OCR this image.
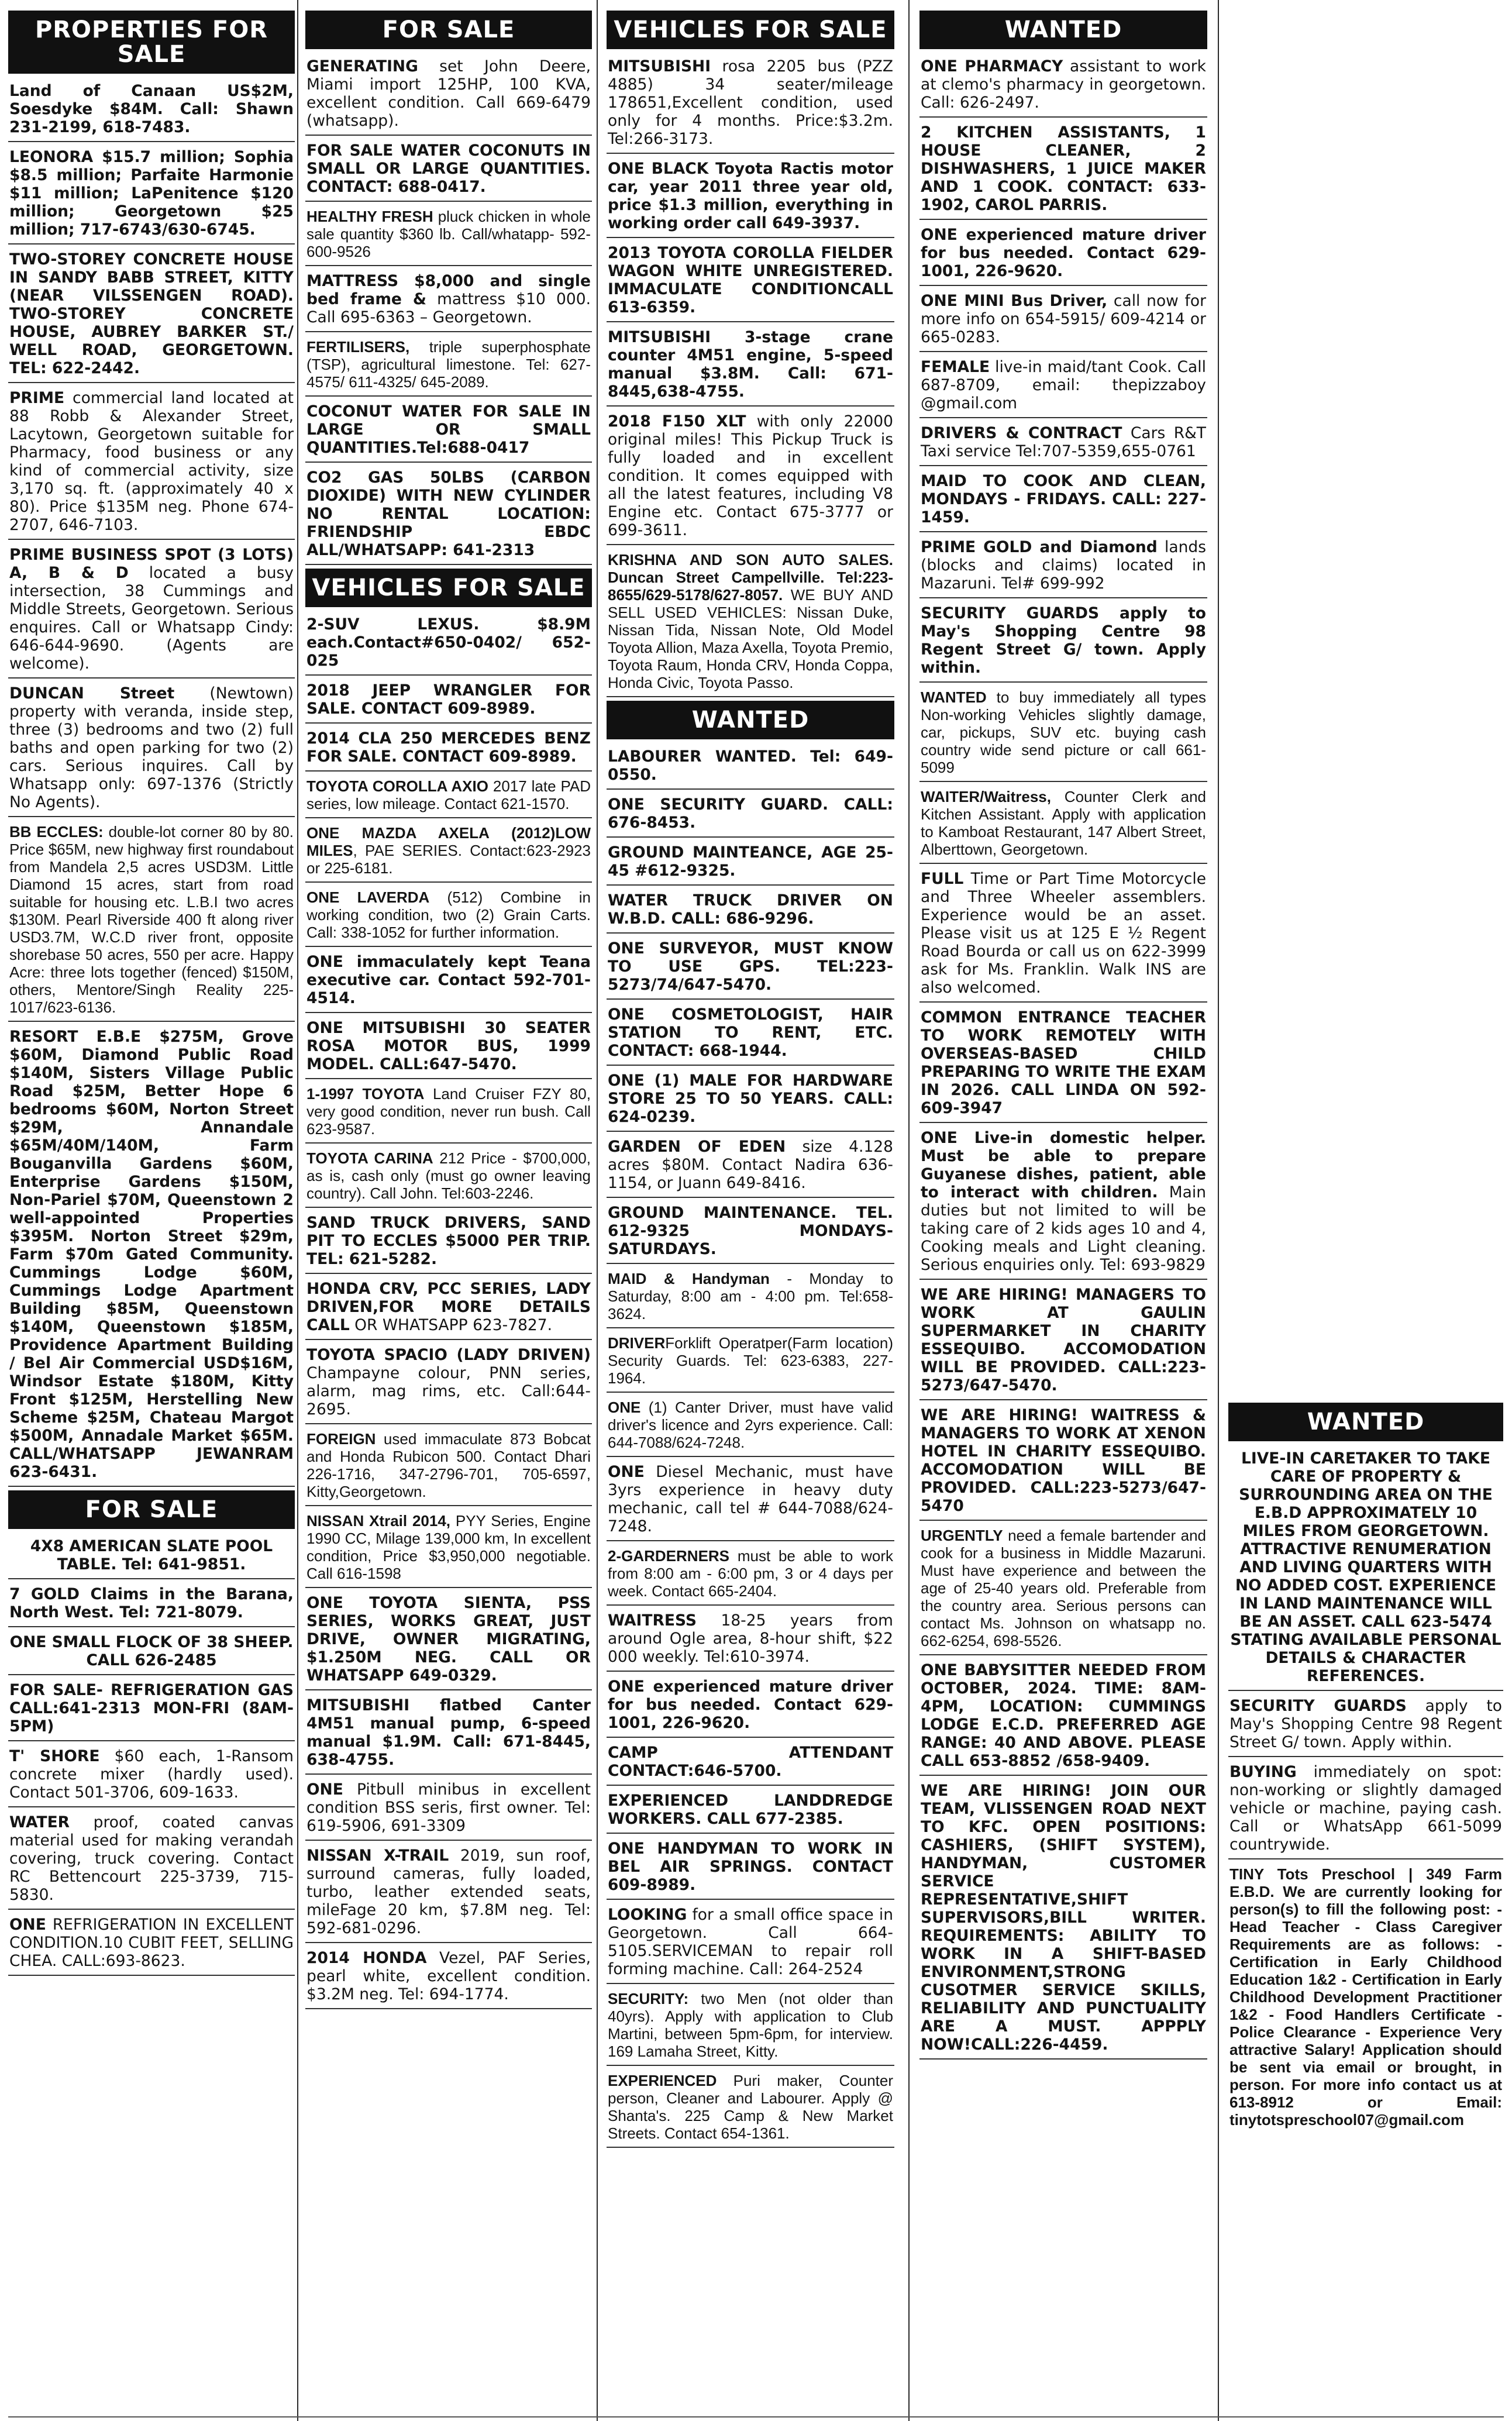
PROPERTIES FOR SALE
Land of Canaan US$2M, Soesdyke $84M. Call: Shawn 231-2199, 618-7483.
LEONORA $15.7 million; Sophia $8.5 million; Parfaite Harmonie $11 million; LaPenitence $120 million; Georgetown $25 million; 717-6743/630-6745.
TWO-STOREY CONCRETE HOUSE IN SANDY BABB STREET, KITTY (NEAR VILSSENGEN ROAD). TWO-STOREY CONCRETE HOUSE, AUBREY BARKER ST./ WELL ROAD, GEORGETOWN. TEL: 622-2442.
PRIME commercial land located at 88 Robb & Alexander Street, Lacytown, Georgetown suitable for Pharmacy, food business or any kind of commercial activity, size 3,170 sq. ft. (approximately 40 x 80). Price $135M neg. Phone 674-2707, 646-7103.
PRIME BUSINESS SPOT (3 LOTS) A, B & D located a busy intersection, 38 Cummings and Middle Streets, Georgetown. Serious enquires. Call or Whatsapp Cindy: 646-644-9690. (Agents are welcome).
DUNCAN Street (Newtown) property with veranda, inside step, three (3) bedrooms and two (2) full baths and open parking for two (2) cars. Serious inquires. Call by Whatsapp only: 697-1376 (Strictly No Agents).
BB ECCLES: double-lot corner 80 by 80. Price $65M, new highway first roundabout from Mandela 2,5 acres USD3M. Little Diamond 15 acres, start from road suitable for housing etc. L.B.I two acres $130M. Pearl Riverside 400 ft along river USD3.7M, W.C.D river front, opposite shorebase 50 acres, 550 per acre. Happy Acre: three lots together (fenced) $150M, others, Mentore/Singh Reality 225-1017/623-6136.
RESORT E.B.E $275M, Grove $60M, Diamond Public Road $140M, Sisters Village Public Road $25M, Better Hope 6 bedrooms $60M, Norton Street $29M, Annandale $65M/40M/140M, Farm Bouganvilla Gardens $60M, Enterprise Gardens $150M, Non-Pariel $70M, Queenstown 2 well-appointed Properties $395M. Norton Street $29m, Farm $70m Gated Community. Cummings Lodge $60M, Cummings Lodge Apartment Building $85M, Queenstown $140M, Queenstown $185M, Providence Apartment Building / Bel Air Commercial USD$16M, Windsor Estate $180M, Kitty Front $125M, Herstelling New Scheme $25M, Chateau Margot $500M, Annadale Market $65M. CALL/WHATSAPP JEWANRAM 623-6431.
FOR SALE
4X8 AMERICAN SLATE POOL TABLE. Tel: 641-9851.
7 GOLD Claims in the Barana, North West. Tel: 721-8079.
ONE SMALL FLOCK OF 38 SHEEP. CALL 626-2485
FOR SALE- REFRIGERATION GAS CALL:641-2313 MON-FRI (8AM-5PM)
T' SHORE $60 each, 1-Ransom concrete mixer (hardly used). Contact 501-3706, 609-1633.
WATER proof, coated canvas material used for making verandah covering, truck covering. Contact RC Bettencourt 225-3739, 715-5830.
ONE REFRIGERATION IN EXCELLENT CONDITION.10 CUBIT FEET, SELLING CHEA. CALL:693-8623.
FOR SALE
GENERATING set John Deere, Miami import 125HP, 100 KVA, excellent condition. Call 669-6479 (whatsapp).
FOR SALE WATER COCONUTS IN SMALL OR LARGE QUANTITIES. CONTACT: 688-0417.
HEALTHY FRESH pluck chicken in whole sale quantity $360 lb. Call/whatapp- 592-600-9526
MATTRESS $8,000 and single bed frame & mattress $10 000. Call 695-6363 – Georgetown.
FERTILISERS, triple superphosphate (TSP), agricultural limestone. Tel: 627-4575/ 611-4325/ 645-2089.
COCONUT WATER FOR SALE IN LARGE OR SMALL QUANTITIES.Tel:688-0417
CO2 GAS 50LBS (CARBON DIOXIDE) WITH NEW CYLINDER NO RENTAL LOCATION: FRIENDSHIP EBDC ALL/WHATSAPP: 641-2313
VEHICLES FOR SALE
2-SUV LEXUS. $8.9M each.Contact#650-0402/ 652-025
2018 JEEP WRANGLER FOR SALE. CONTACT 609-8989.
2014 CLA 250 MERCEDES BENZ FOR SALE. CONTACT 609-8989.
TOYOTA COROLLA AXIO 2017 late PAD series, low mileage. Contact 621-1570.
ONE MAZDA AXELA (2012)LOW MILES, PAE SERIES. Contact:623-2923 or 225-6181.
ONE LAVERDA (512) Combine in working condition, two (2) Grain Carts. Call: 338-1052 for further information.
ONE immaculately kept Teana executive car. Contact 592-701-4514.
ONE MITSUBISHI 30 SEATER ROSA MOTOR BUS, 1999 MODEL. CALL:647-5470.
1-1997 TOYOTA Land Cruiser FZY 80, very good condition, never run bush. Call 623-9587.
TOYOTA CARINA 212 Price - $700,000, as is, cash only (must go owner leaving country). Call John. Tel:603-2246.
SAND TRUCK DRIVERS, SAND PIT TO ECCLES $5000 PER TRIP. TEL: 621-5282.
HONDA CRV, PCC SERIES, LADY DRIVEN,FOR MORE DETAILS CALL OR WHATSAPP 623-7827.
TOYOTA SPACIO (LADY DRIVEN) Champayne colour, PNN series, alarm, mag rims, etc. Call:644-2695.
FOREIGN used immaculate 873 Bobcat and Honda Rubicon 500. Contact Dhari 226-1716, 347-2796-701, 705-6597, Kitty,Georgetown.
NISSAN Xtrail 2014, PYY Series, Engine 1990 CC, Milage 139,000 km, In excellent condition, Price $3,950,000 negotiable. Call 616-1598
ONE TOYOTA SIENTA, PSS SERIES, WORKS GREAT, JUST DRIVE, OWNER MIGRATING, $1.250M NEG. CALL OR WHATSAPP 649-0329.
MITSUBISHI flatbed Canter 4M51 manual pump, 6-speed manual $1.9M. Call: 671-8445, 638-4755.
ONE Pitbull minibus in excellent condition BSS seris, first owner. Tel: 619-5906, 691-3309
NISSAN X-TRAIL 2019, sun roof, surround cameras, fully loaded, turbo, leather extended seats, mileFage 20 km, $7.8M neg. Tel: 592-681-0296.
2014 HONDA Vezel, PAF Series, pearl white, excellent condition. $3.2M neg. Tel: 694-1774.
VEHICLES FOR SALE
MITSUBISHI rosa 2205 bus (PZZ 4885) 34 seater/mileage 178651,Excellent condition, used only for 4 months. Price:$3.2m. Tel:266-3173.
ONE BLACK Toyota Ractis motor car, year 2011 three year old, price $1.3 million, everything in working order call 649-3937.
2013 TOYOTA COROLLA FIELDER WAGON WHITE UNREGISTERED. IMMACULATE CONDITIONCALL 613-6359.
MITSUBISHI 3-stage crane counter 4M51 engine, 5-speed manual $3.8M. Call: 671-8445,638-4755.
2018 F150 XLT with only 22000 original miles! This Pickup Truck is fully loaded and in excellent condition. It comes equipped with all the latest features, including V8 Engine etc. Contact 675-3777 or 699-3611.
KRISHNA AND SON AUTO SALES. Duncan Street Campellville. Tel:223-8655/629-5178/627-8057. WE BUY AND SELL USED VEHICLES: Nissan Duke, Nissan Tida, Nissan Note, Old Model Toyota Allion, Maza Axella, Toyota Premio, Toyota Raum, Honda CRV, Honda Coppa, Honda Civic, Toyota Passo.
WANTED
LABOURER WANTED. Tel: 649-0550.
ONE SECURITY GUARD. CALL: 676-8453.
GROUND MAINTEANCE, AGE 25-45 #612-9325.
WATER TRUCK DRIVER ON W.B.D. CALL: 686-9296.
ONE SURVEYOR, MUST KNOW TO USE GPS. TEL:223-5273/74/647-5470.
ONE COSMETOLOGIST, HAIR STATION TO RENT, ETC. CONTACT: 668-1944.
ONE (1) MALE FOR HARDWARE STORE 25 TO 50 YEARS. CALL: 624-0239.
GARDEN OF EDEN size 4.128 acres $80M. Contact Nadira 636-1154, or Juann 649-8416.
GROUND MAINTENANCE. TEL. 612-9325 MONDAYS-SATURDAYS.
MAID & Handyman - Monday to Saturday, 8:00 am - 4:00 pm. Tel:658-3624.
DRIVERForklift Operatper(Farm location) Security Guards. Tel: 623-6383, 227-1964.
ONE (1) Canter Driver, must have valid driver's licence and 2yrs experience. Call: 644-7088/624-7248.
ONE Diesel Mechanic, must have 3yrs experience in heavy duty mechanic, call tel # 644-7088/624-7248.
2-GARDERNERS must be able to work from 8:00 am - 6:00 pm, 3 or 4 days per week. Contact 665-2404.
WAITRESS 18-25 years from around Ogle area, 8-hour shift, $22 000 weekly. Tel:610-3974.
ONE experienced mature driver for bus needed. Contact 629-1001, 226-9620.
CAMP ATTENDANT CONTACT:646-5700.
EXPERIENCED LANDDREDGE WORKERS. CALL 677-2385.
ONE HANDYMAN TO WORK IN BEL AIR SPRINGS. CONTACT 609-8989.
LOOKING for a small office space in Georgetown. Call 664-5105.SERVICEMAN to repair roll forming machine. Call: 264-2524
SECURITY: two Men (not older than 40yrs). Apply with application to Club Martini, between 5pm-6pm, for interview. 169 Lamaha Street, Kitty.
EXPERIENCED Puri maker, Counter person, Cleaner and Labourer. Apply @ Shanta's. 225 Camp & New Market Streets. Contact 654-1361.
WANTED
ONE PHARMACY assistant to work at clemo's pharmacy in georgetown. Call: 626-2497.
2 KITCHEN ASSISTANTS, 1 HOUSE CLEANER, 2 DISHWASHERS, 1 JUICE MAKER AND 1 COOK. CONTACT: 633-1902, CAROL PARRIS.
ONE experienced mature driver for bus needed. Contact 629-1001, 226-9620.
ONE MINI Bus Driver, call now for more info on 654-5915/ 609-4214 or 665-0283.
FEMALE live-in maid/tant Cook. Call 687-8709, email: thepizzaboy @gmail.com
DRIVERS & CONTRACT Cars R&T Taxi service Tel:707-5359,655-0761
MAID TO COOK AND CLEAN, MONDAYS - FRIDAYS. CALL: 227-1459.
PRIME GOLD and Diamond lands (blocks and claims) located in Mazaruni. Tel# 699-992
SECURITY GUARDS apply to May's Shopping Centre 98 Regent Street G/ town. Apply within.
WANTED to buy immediately all types Non-working Vehicles slightly damage, car, pickups, SUV etc. buying cash country wide send picture or call 661-5099
WAITER/Waitress, Counter Clerk and Kitchen Assistant. Apply with application to Kamboat Restaurant, 147 Albert Street, Alberttown, Georgetown.
FULL Time or Part Time Motorcycle and Three Wheeler assemblers. Experience would be an asset. Please visit us at 125 E ½ Regent Road Bourda or call us on 622-3999 ask for Ms. Franklin. Walk INS are also welcomed.
COMMON ENTRANCE TEACHER TO WORK REMOTELY WITH OVERSEAS-BASED CHILD PREPARING TO WRITE THE EXAM IN 2026. CALL LINDA ON 592-609-3947
ONE Live-in domestic helper. Must be able to prepare Guyanese dishes, patient, able to interact with children. Main duties but not limited to will be taking care of 2 kids ages 10 and 4, Cooking meals and Light cleaning. Serious enquiries only. Tel: 693-9829
WE ARE HIRING! MANAGERS TO WORK AT GAULIN SUPERMARKET IN CHARITY ESSEQUIBO. ACCOMODATION WILL BE PROVIDED. CALL:223-5273/647-5470.
WE ARE HIRING! WAITRESS & MANAGERS TO WORK AT XENON HOTEL IN CHARITY ESSEQUIBO. ACCOMODATION WILL BE PROVIDED. CALL:223-5273/647-5470
URGENTLY need a female bartender and cook for a business in Middle Mazaruni. Must have experience and between the age of 25-40 years old. Preferable from the country area. Serious persons can contact Ms. Johnson on whatsapp no. 662-6254, 698-5526.
ONE BABYSITTER NEEDED FROM OCTOBER, 2024. TIME: 8AM-4PM, LOCATION: CUMMINGS LODGE E.C.D. PREFERRED AGE RANGE: 40 AND ABOVE. PLEASE CALL 653-8852 /658-9409.
WE ARE HIRING! JOIN OUR TEAM, VLISSENGEN ROAD NEXT TO KFC. OPEN POSITIONS: CASHIERS, (SHIFT SYSTEM), HANDYMAN, CUSTOMER SERVICE REPRESENTATIVE,SHIFT SUPERVISORS,BILL WRITER. REQUIREMENTS: ABILITY TO WORK IN A SHIFT-BASED ENVIRONMENT,STRONG CUSOTMER SERVICE SKILLS, RELIABILITY AND PUNCTUALITY ARE A MUST. APPPLY NOW!CALL:226-4459.
WANTED
LIVE-IN CARETAKER TO TAKE CARE OF PROPERTY & SURROUNDING AREA ON THE E.B.D APPROXIMATELY 10 MILES FROM GEORGETOWN. ATTRACTIVE RENUMERATION AND LIVING QUARTERS WITH NO ADDED COST. EXPERIENCE IN LAND MAINTENANCE WILL BE AN ASSET. CALL 623-5474 STATING AVAILABLE PERSONAL DETAILS & CHARACTER REFERENCES.
SECURITY GUARDS apply to May's Shopping Centre 98 Regent Street G/ town. Apply within.
BUYING immediately on spot: non-working or slightly damaged vehicle or machine, paying cash. Call or WhatsApp 661-5099 countrywide.
TINY Tots Preschool | 349 Farm E.B.D. We are currently looking for person(s) to fill the following post: - Head Teacher - Class Caregiver Requirements are as follows: - Certification in Early Childhood Education 1&2 - Certification in Early Childhood Development Practitioner 1&2 - Food Handlers Certificate - Police Clearance - Experience Very attractive Salary! Application should be sent via email or brought, in person. For more info contact us at 613-8912 or Email: tinytotspreschool07@gmail.com
